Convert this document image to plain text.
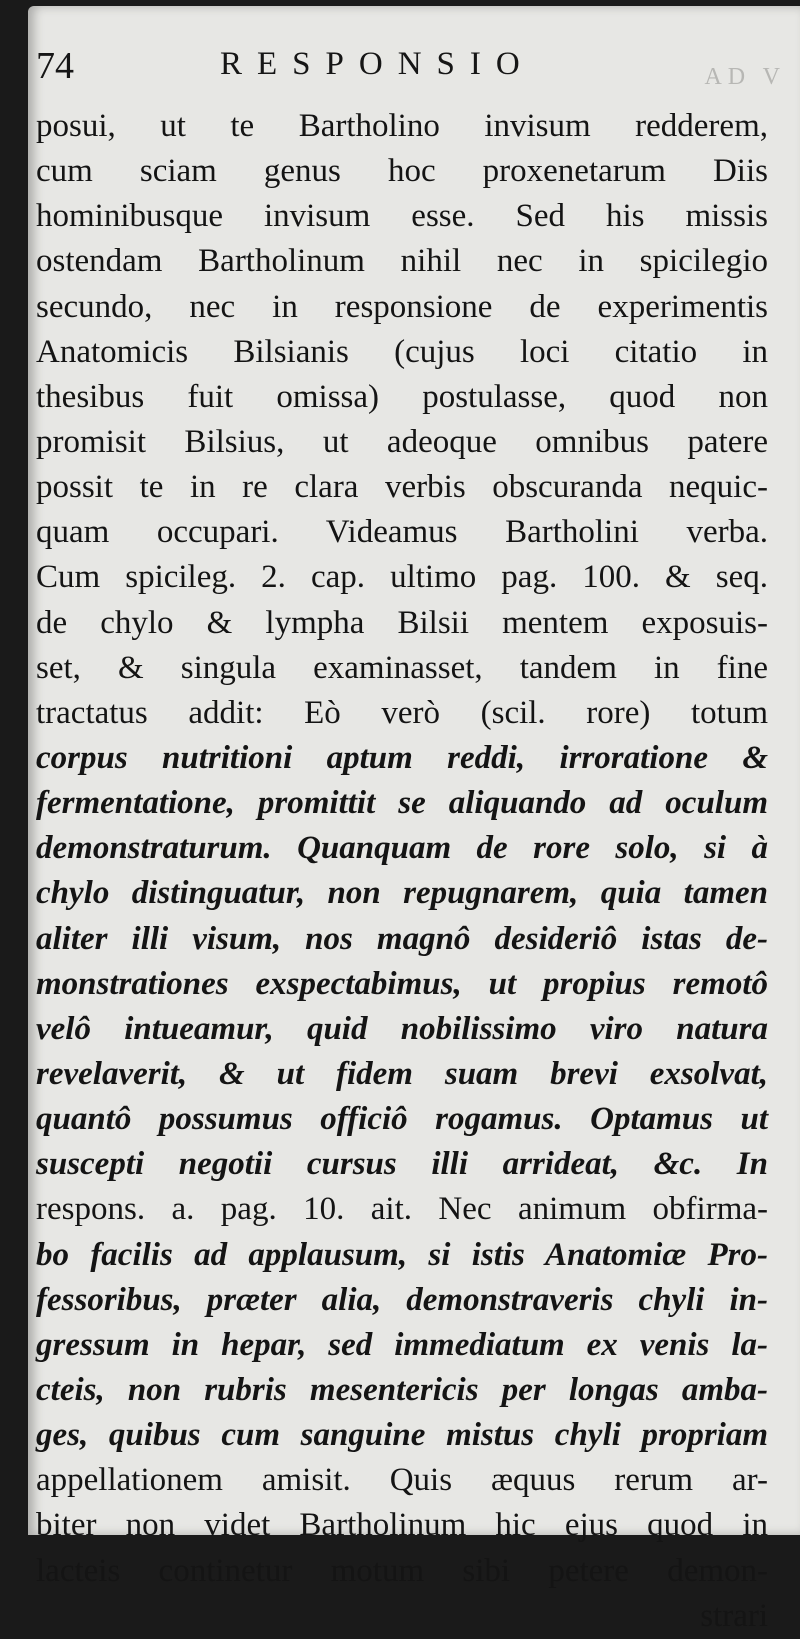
AD V
74	RESPONSIO
posui, ut te Bartholino invisum redderem,
cum sciam genus hoc proxenetarum Diis
hominibusque invisum esse. Sed his missis
ostendam Bartholinum nihil nec in spicilegio
secundo, nec in responsione de experimentis
Anatomicis Bilsianis (cujus loci citatio in
thesibus fuit omissa) postulasse, quod non
promisit Bilsius, ut adeoque omnibus patere
possit te in re clara verbis obscuranda nequic-
quam occupari. Videamus Bartholini verba.
Cum spicileg. 2. cap. ultimo pag. 100. & seq.
de chylo & lympha Bilsii mentem exposuis-
set, & singula examinasset, tandem in fine
tractatus addit: Eò verò (scil. rore) totum
corpus nutritioni aptum reddi, irroratione &
fermentatione, promittit se aliquando ad oculum
demonstraturum. Quanquam de rore solo, si à
chylo distinguatur, non repugnarem, quia tamen
aliter illi visum, nos magnô desideriô istas de-
monstrationes exspectabimus, ut propius remotô
velô intueamur, quid nobilissimo viro natura
revelaverit, & ut fidem suam brevi exsolvat,
quantô possumus officiô rogamus. Optamus ut
suscepti negotii cursus illi arrideat, &c. In
respons. a. pag. 10. ait. Nec animum obfirma-
bo facilis ad applausum, si istis Anatomiæ Pro-
fessoribus, præter alia, demonstraveris chyli in-
gressum in hepar, sed immediatum ex venis la-
cteis, non rubris mesentericis per longas amba-
ges, quibus cum sanguine mistus chyli propriam
appellationem amisit. Quis æquus rerum ar-
biter non videt Bartholinum hic ejus quod in
lacteis continetur motum sibi petere demon-
strari
